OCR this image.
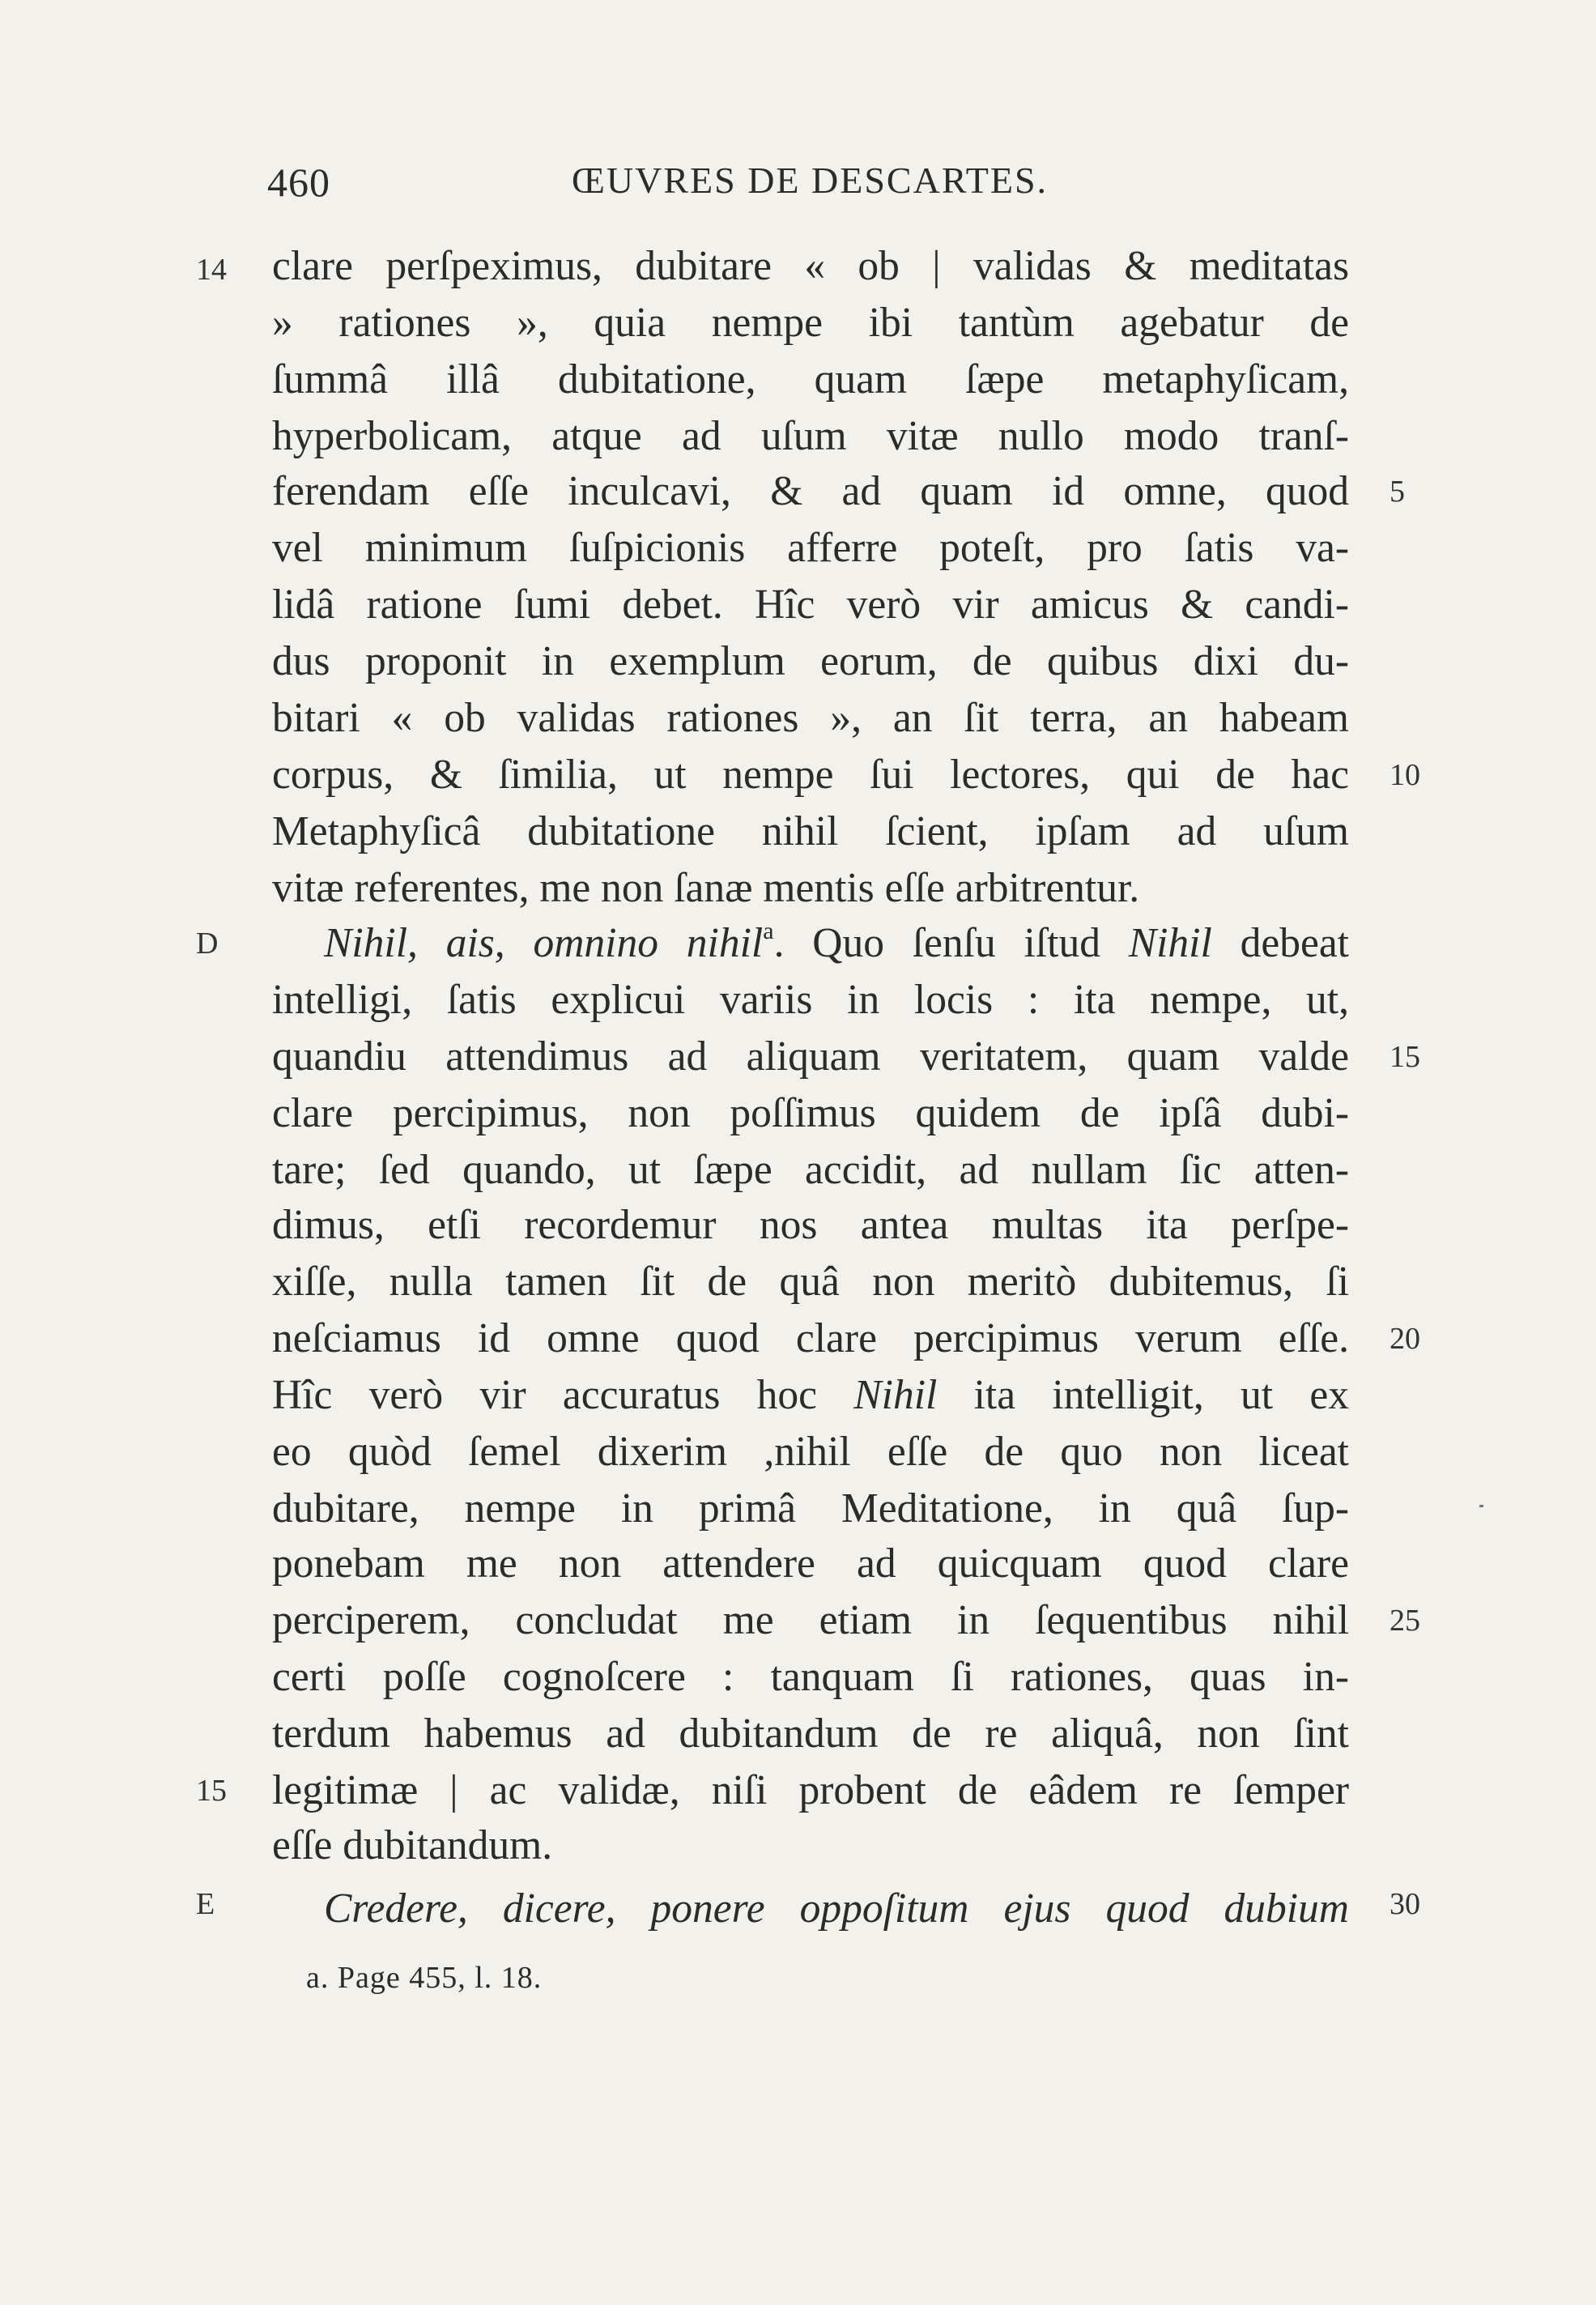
460	ŒUVRES DE DESCARTES.
clare perſpeximus, dubitare « ob | validas & meditatas
» rationes », quia nempe ibi tantùm agebatur de
ſummâ illâ dubitatione, quam ſæpe metaphyſicam,
hyperbolicam, atque ad uſum vitæ nullo modo tranſ-
ferendam eſſe inculcavi, & ad quam id omne, quod
vel minimum ſuſpicionis afferre poteſt, pro ſatis va-
lidâ ratione ſumi debet. Hîc verò vir amicus & candi-
dus proponit in exemplum eorum, de quibus dixi du-
bitari « ob validas rationes », an ſit terra, an habeam
corpus, & ſimilia, ut nempe ſui lectores, qui de hac
Metaphyſicâ dubitatione nihil ſcient, ipſam ad uſum
vitæ referentes, me non ſanæ mentis eſſe arbitrentur.
Nihil, ais, omnino nihil$^a$. Quo ſenſu iſtud Nihil debeat
intelligi, ſatis explicui variis in locis : ita nempe, ut,
quandiu attendimus ad aliquam veritatem, quam valde
clare percipimus, non poſſimus quidem de ipſâ dubi-
tare; ſed quando, ut ſæpe accidit, ad nullam ſic atten-
dimus, etſi recordemur nos antea multas ita perſpe-
xiſſe, nulla tamen ſit de quâ non meritò dubitemus, ſi
neſciamus id omne quod clare percipimus verum eſſe.
Hîc verò vir accuratus hoc Nihil ita intelligit, ut ex
eo quòd ſemel dixerim ,nihil eſſe de quo non liceat
dubitare, nempe in primâ Meditatione, in quâ ſup-
ponebam me non attendere ad quicquam quod clare
perciperem, concludat me etiam in ſequentibus nihil
certi poſſe cognoſcere : tanquam ſi rationes, quas in-
terdum habemus ad dubitandum de re aliquâ, non ſint
legitimæ | ac validæ, niſi probent de eâdem re ſemper
eſſe dubitandum.
Credere, dicere, ponere oppoſitum ejus quod dubium
14
D
15
E
5
10
15
20
25
30
a. Page 455, l. 18.
